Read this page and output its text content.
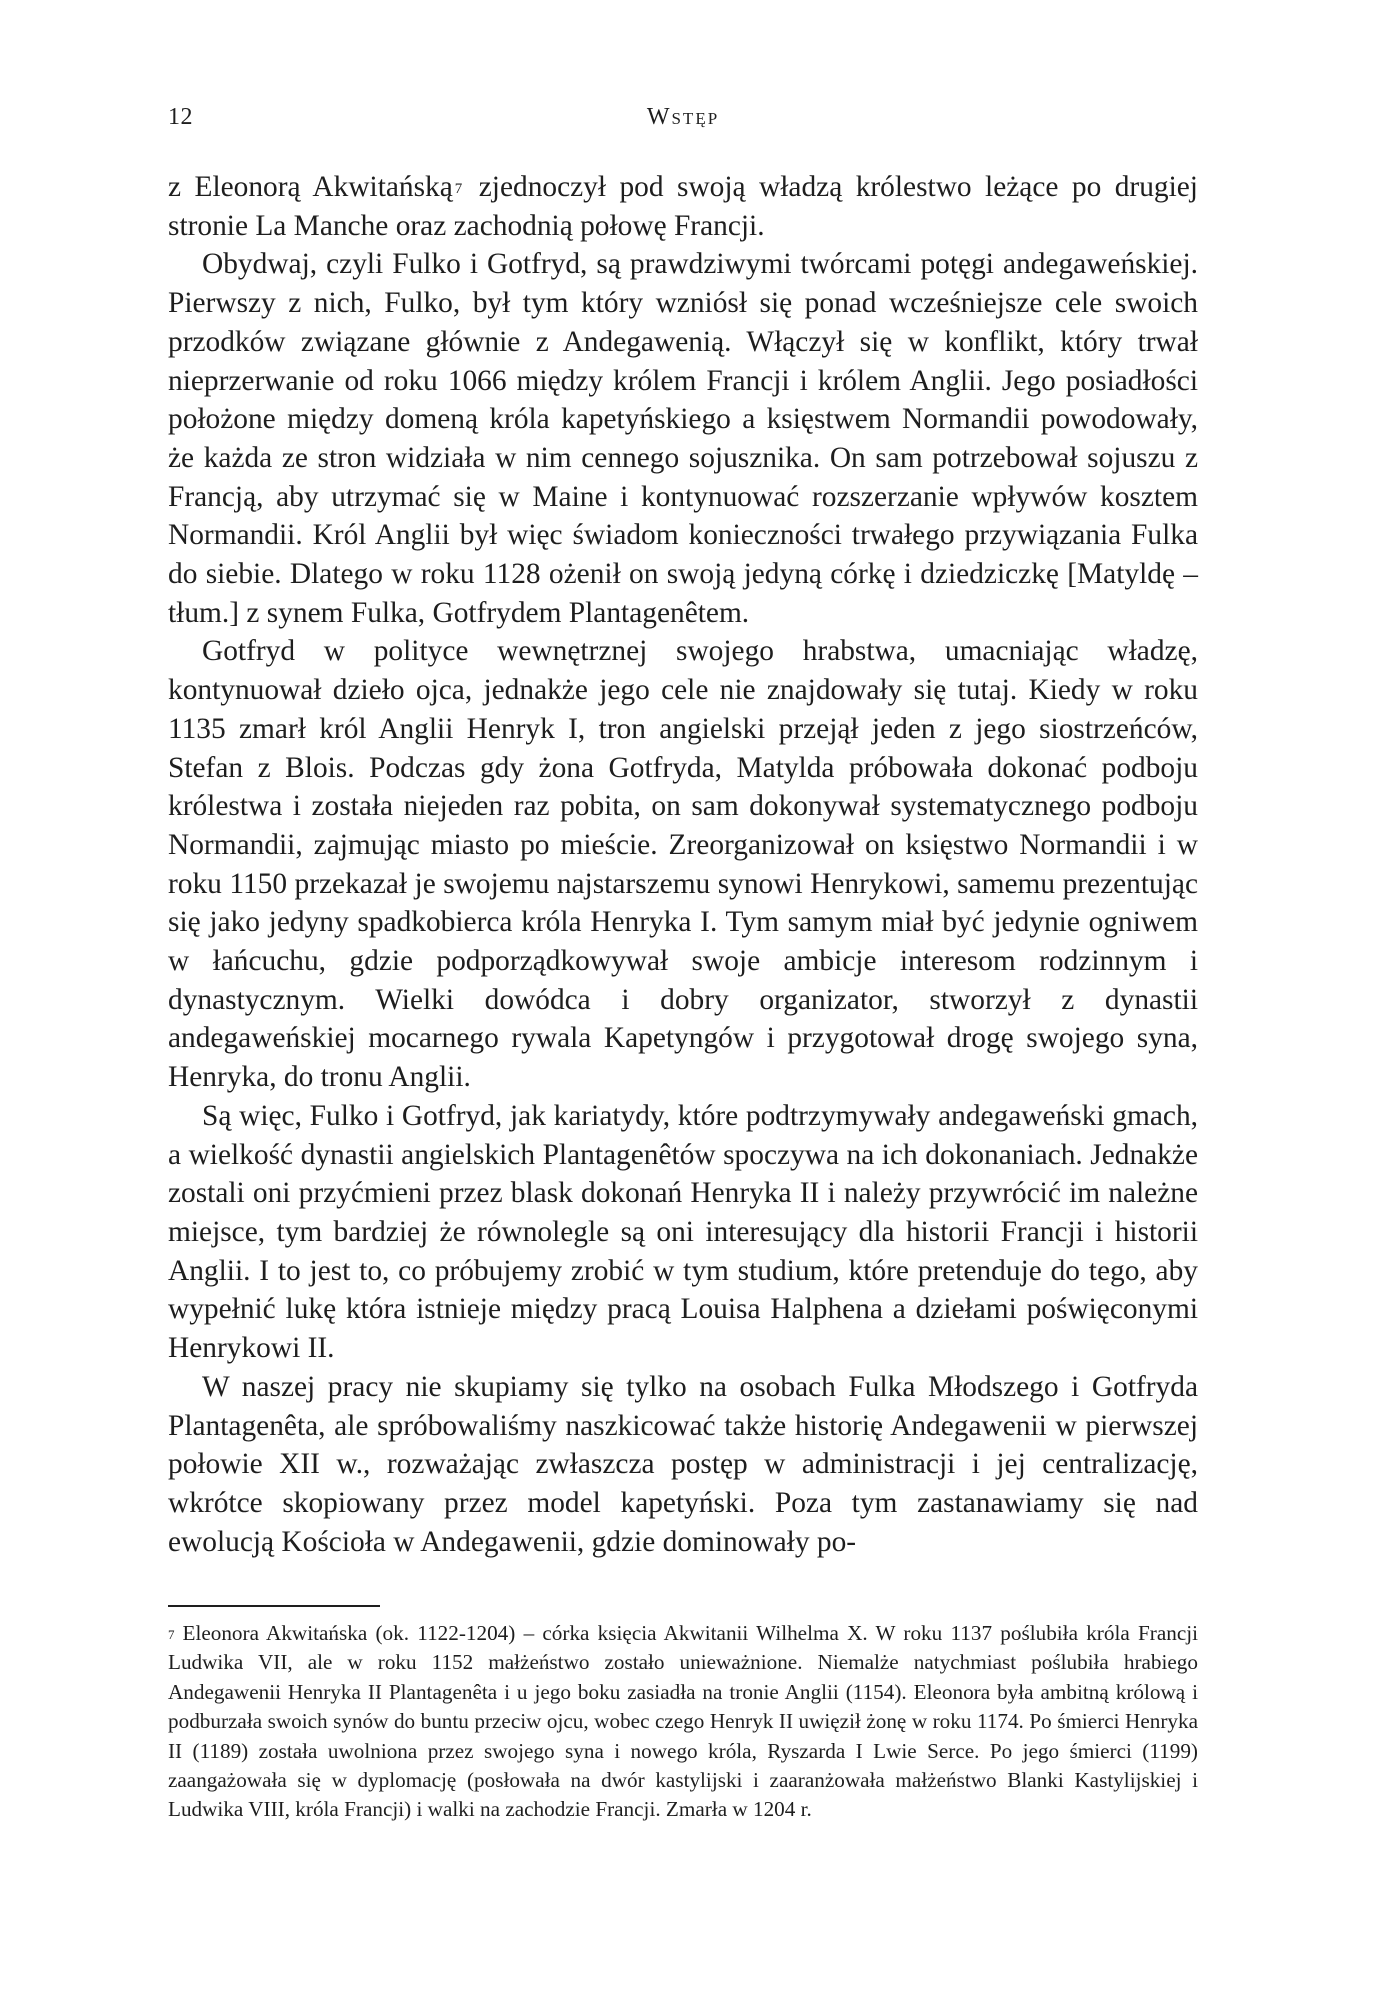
12	Wstęp

z Eleonorą Akwitańską $^7$ zjednoczył pod swoją władzą królestwo leżące po drugiej stronie La Manche oraz zachodnią połowę Francji.

Obydwaj, czyli Fulko i Gotfryd, są prawdziwymi twórcami potęgi andegaweńskiej. Pierwszy z nich, Fulko, był tym który wzniósł się ponad wcześniejsze cele swoich przodków związane głównie z Andegawenią. Włączył się w konflikt, który trwał nieprzerwanie od roku 1066 między królem Francji i królem Anglii. Jego posiadłości położone między domeną króla kapetyńskiego a księstwem Normandii powodowały, że każda ze stron widziała w nim cennego sojusznika. On sam potrzebował sojuszu z Francją, aby utrzymać się w Maine i kontynuować rozszerzanie wpływów kosztem Normandii. Król Anglii był więc świadom konieczności trwałego przywiązania Fulka do siebie. Dlatego w roku 1128 ożenił on swoją jedyną córkę i dziedziczkę [Matyldę – tłum.] z synem Fulka, Gotfrydem Plantagenêtem.

Gotfryd w polityce wewnętrznej swojego hrabstwa, umacniając władzę, kontynuował dzieło ojca, jednakże jego cele nie znajdowały się tutaj. Kiedy w roku 1135 zmarł król Anglii Henryk I, tron angielski przejął jeden z jego siostrzeńców, Stefan z Blois. Podczas gdy żona Gotfryda, Matylda próbowała dokonać podboju królestwa i została niejeden raz pobita, on sam dokonywał systematycznego podboju Normandii, zajmując miasto po mieście. Zreorganizował on księstwo Normandii i w roku 1150 przekazał je swojemu najstarszemu synowi Henrykowi, samemu prezentując się jako jedyny spadkobierca króla Henryka I. Tym samym miał być jedynie ogniwem w łańcuchu, gdzie podporządkowywał swoje ambicje interesom rodzinnym i dynastycznym. Wielki dowódca i dobry organizator, stworzył z dynastii andegaweńskiej mocarnego rywala Kapetyngów i przygotował drogę swojego syna, Henryka, do tronu Anglii.

Są więc, Fulko i Gotfryd, jak kariatydy, które podtrzymywały andegaweński gmach, a wielkość dynastii angielskich Plantagenêtów spoczywa na ich dokonaniach. Jednakże zostali oni przyćmieni przez blask dokonań Henryka II i należy przywrócić im należne miejsce, tym bardziej że równolegle są oni interesujący dla historii Francji i historii Anglii. I to jest to, co próbujemy zrobić w tym studium, które pretenduje do tego, aby wypełnić lukę która istnieje między pracą Louisa Halphena a dziełami poświęconymi Henrykowi II.

W naszej pracy nie skupiamy się tylko na osobach Fulka Młodszego i Gotfryda Plantagenêta, ale spróbowaliśmy naszkicować także historię Andegawenii w pierwszej połowie XII w., rozważając zwłaszcza postęp w administracji i jej centralizację, wkrótce skopiowany przez model kapetyński. Poza tym zastanawiamy się nad ewolucją Kościoła w Andegawenii, gdzie dominowały po-

$^7$ Eleonora Akwitańska (ok. 1122-1204) – córka księcia Akwitanii Wilhelma X. W roku 1137 poślubiła króla Francji Ludwika VII, ale w roku 1152 małżeństwo zostało unieważnione. Niemalże natychmiast poślubiła hrabiego Andegawenii Henryka II Plantagenêta i u jego boku zasiadła na tronie Anglii (1154). Eleonora była ambitną królową i podburzała swoich synów do buntu przeciw ojcu, wobec czego Henryk II uwięził żonę w roku 1174. Po śmierci Henryka II (1189) została uwolniona przez swojego syna i nowego króla, Ryszarda I Lwie Serce. Po jego śmierci (1199) zaangażowała się w dyplomację (posłowała na dwór kastylijski i zaaranżowała małżeństwo Blanki Kastylijskiej i Ludwika VIII, króla Francji) i walki na zachodzie Francji. Zmarła w 1204 r.
